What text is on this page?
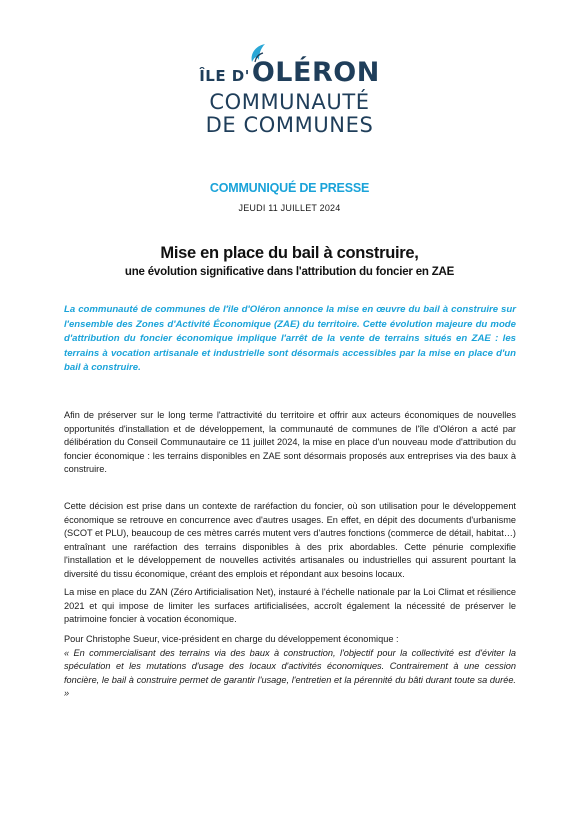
ÎLE D'OLÉRON
COMMUNAUTÉ
DE COMMUNES
COMMUNIQUÉ DE PRESSE
JEUDI 11 JUILLET 2024
Mise en place du bail à construire,
une évolution significative dans l'attribution du foncier en ZAE

La communauté de communes de l'île d'Oléron annonce la mise en œuvre du bail à construire sur l'ensemble des Zones d'Activité Économique (ZAE) du territoire. Cette évolution majeure du mode d'attribution du foncier économique implique l'arrêt de la vente de terrains situés en ZAE : les terrains à vocation artisanale et industrielle sont désormais accessibles par la mise en place d'un bail à construire.

Afin de préserver sur le long terme l'attractivité du territoire et offrir aux acteurs économiques de nouvelles opportunités d'installation et de développement, la communauté de communes de l'île d'Oléron a acté par délibération du Conseil Communautaire ce 11 juillet 2024, la mise en place d'un nouveau mode d'attribution du foncier économique : les terrains disponibles en ZAE sont désormais proposés aux entreprises via des baux à construire.

Cette décision est prise dans un contexte de raréfaction du foncier, où son utilisation pour le développement économique se retrouve en concurrence avec d'autres usages. En effet, en dépit des documents d'urbanisme (SCOT et PLU), beaucoup de ces mètres carrés mutent vers d'autres fonctions (commerce de détail, habitat…) entraînant une raréfaction des terrains disponibles à des prix abordables. Cette pénurie complexifie l'installation et le développement de nouvelles activités artisanales ou industrielles qui assurent pourtant la diversité du tissu économique, créant des emplois et répondant aux besoins locaux.

La mise en place du ZAN (Zéro Artificialisation Net), instauré à l'échelle nationale par la Loi Climat et résilience 2021 et qui impose de limiter les surfaces artificialisées, accroît également la nécessité de préserver le patrimoine foncier à vocation économique.

Pour Christophe Sueur, vice-président en charge du développement économique :
« En commercialisant des terrains via des baux à construction, l'objectif pour la collectivité est d'éviter la spéculation et les mutations d'usage des locaux d'activités économiques. Contrairement à une cession foncière, le bail à construire permet de garantir l'usage, l'entretien et la pérennité du bâti durant toute sa durée. »
